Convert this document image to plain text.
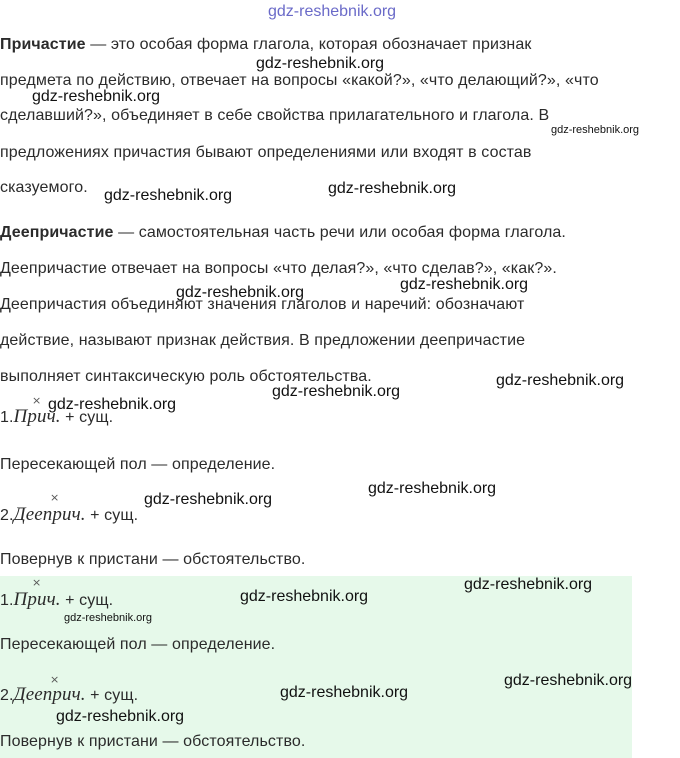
gdz-reshebnik.org
Причастие — это особая форма глагола, которая обозначает признак
предмета по действию, отвечает на вопросы «какой?», «что делающий?», «что
сделавший?», объединяет в себе свойства прилагательного и глагола. В
предложениях причастия бывают определениями или входят в состав
сказуемого.
Деепричастие — самостоятельная часть речи или особая форма глагола.
Деепричастие отвечает на вопросы «что делая?», «что сделав?», «как?».
Деепричастия объединяют значения глаголов и наречий: обозначают
действие, называют признак действия. В предложении деепричастие
выполняет синтаксическую роль обстоятельства.
×
1.Прич. + сущ.
Пересекающей пол — определение.
×
2.Дееприч. + сущ.
Повернув к пристани — обстоятельство.
×
1.Прич. + сущ.
Пересекающей пол — определение.
×
2.Дееприч. + сущ.
Повернув к пристани — обстоятельство.
gdz-reshebnik.org
gdz-reshebnik.org
gdz-reshebnik.org
gdz-reshebnik.org	gdz-reshebnik.org
gdz-reshebnik.org	gdz-reshebnik.org
gdz-reshebnik.org
gdz-reshebnik.org
gdz-reshebnik.org
gdz-reshebnik.org
gdz-reshebnik.org
gdz-reshebnik.org
gdz-reshebnik.org
gdz-reshebnik.org
gdz-reshebnik.org
gdz-reshebnik.org
gdz-reshebnik.org
